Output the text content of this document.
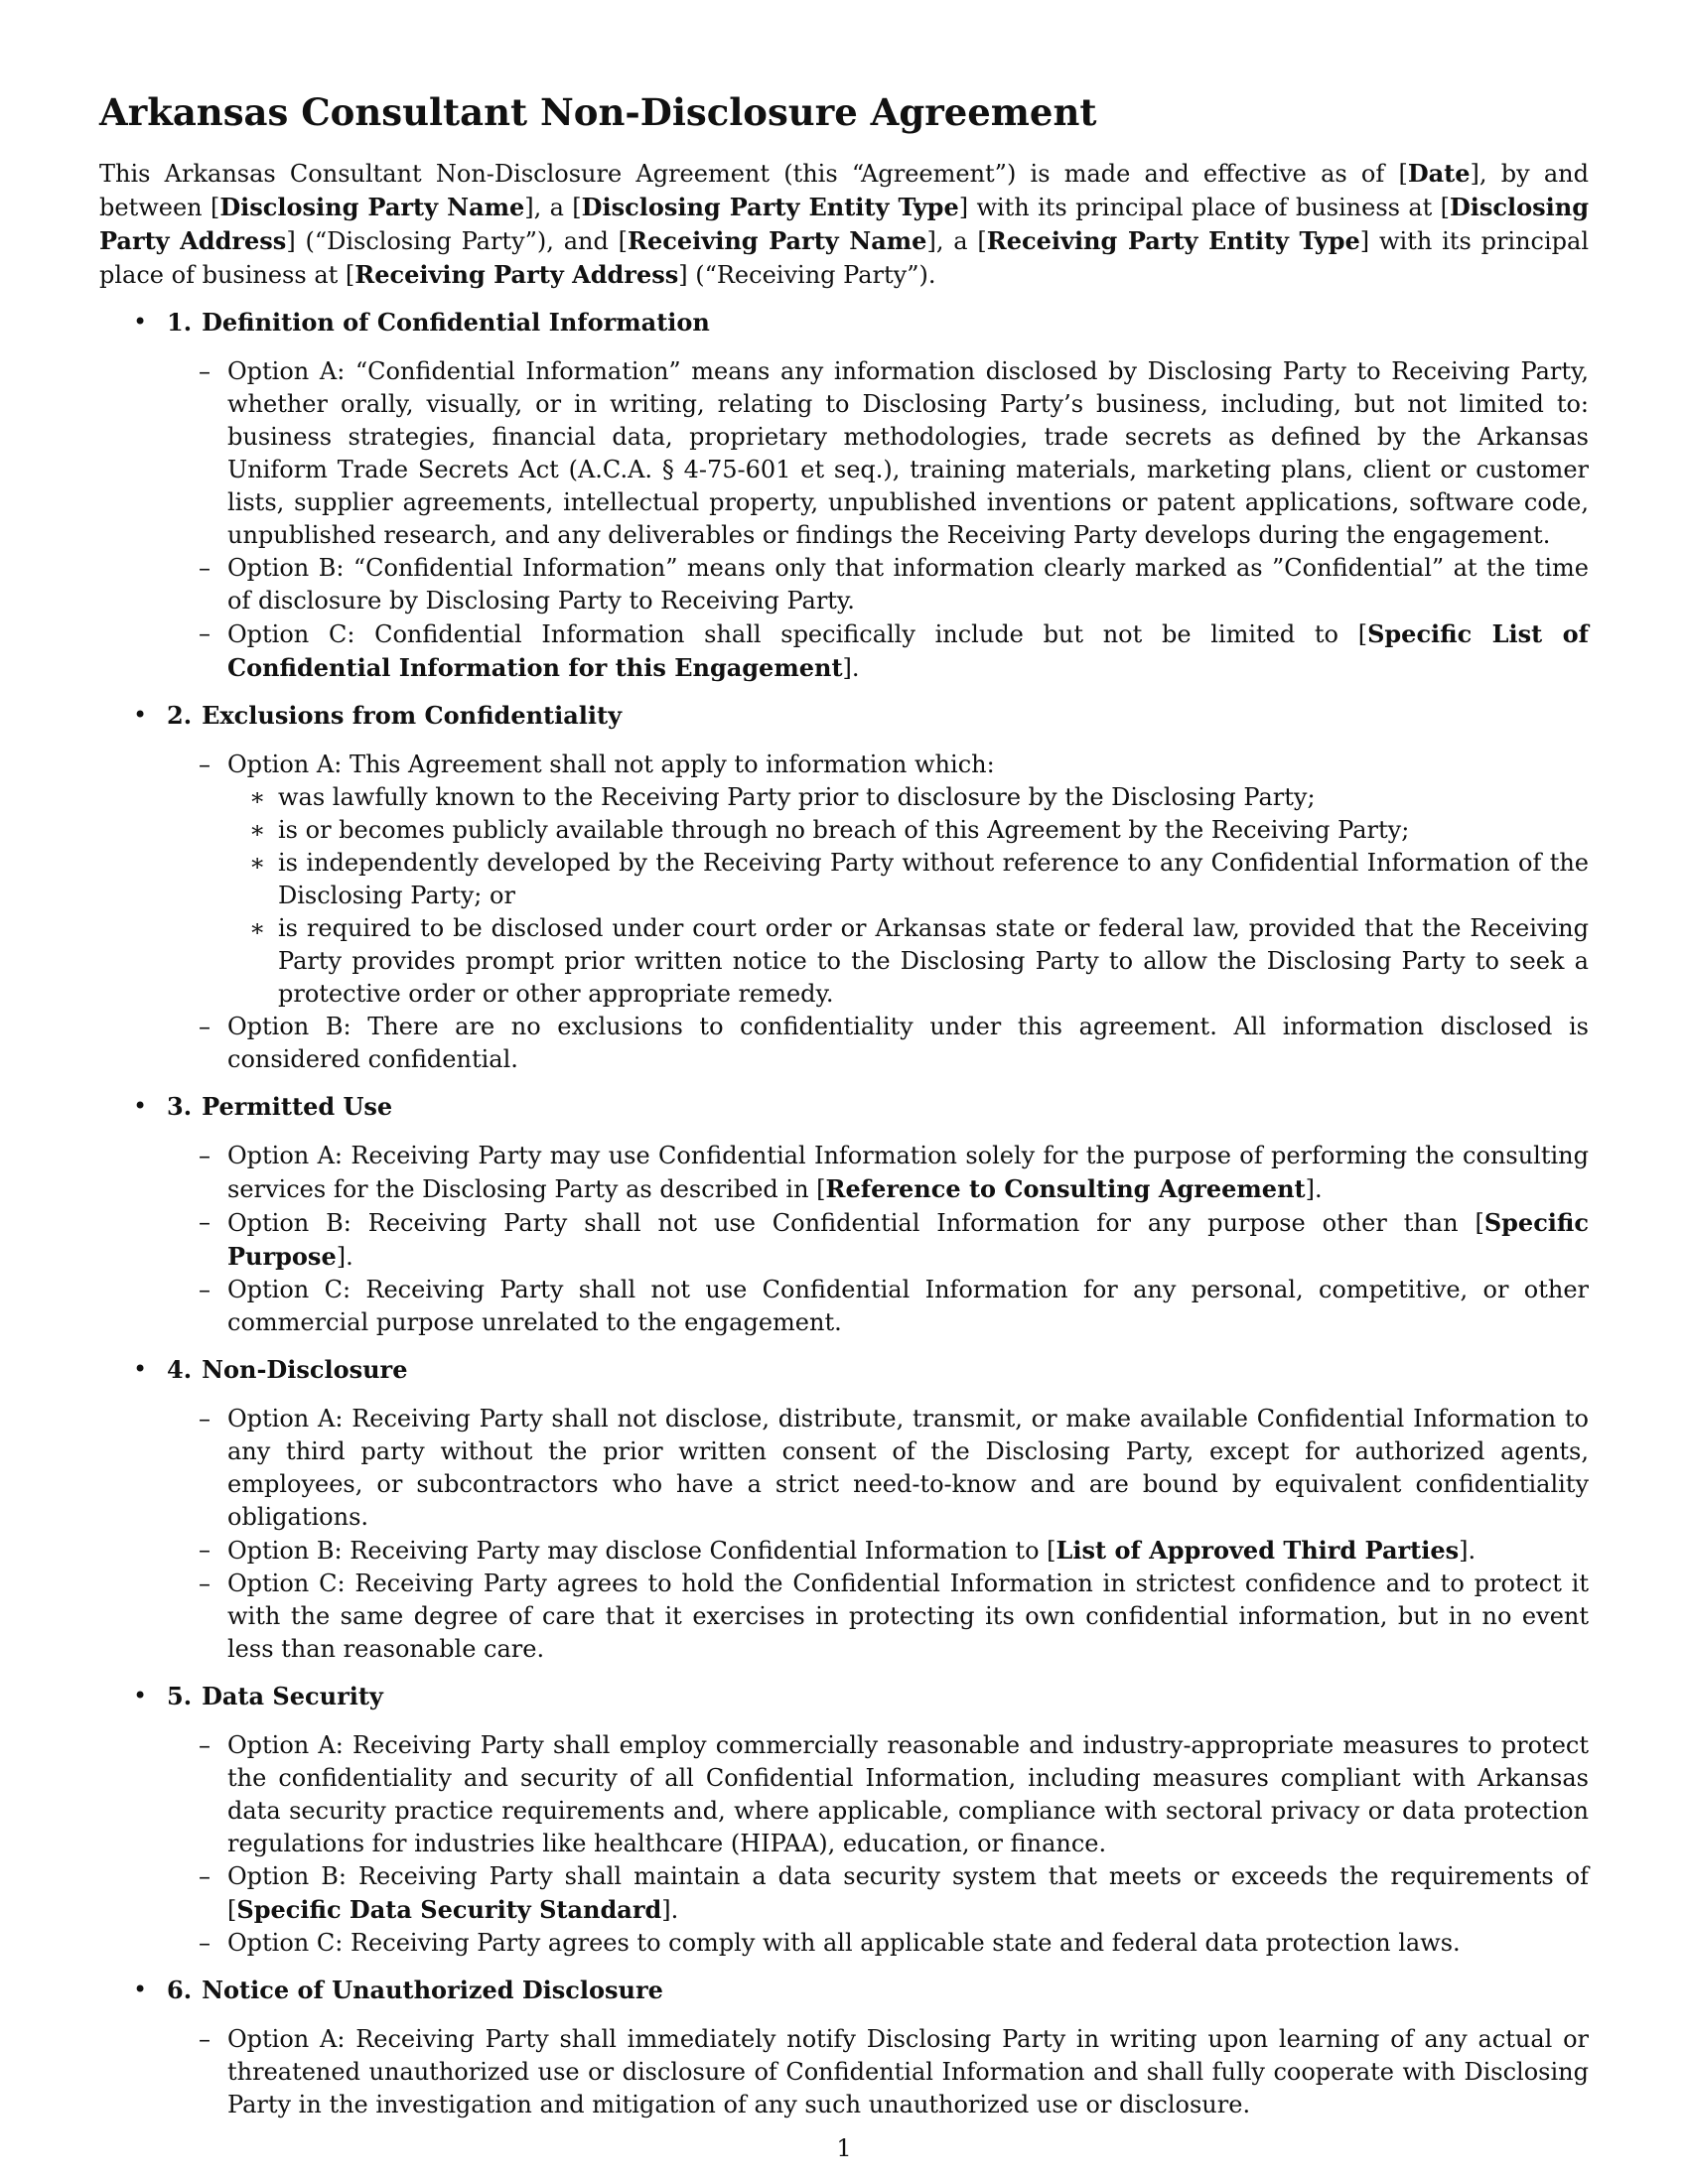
Arkansas Consultant Non-Disclosure Agreement

This Arkansas Consultant Non-Disclosure Agreement (this “Agreement”) is made and effective as of [Date], by and between [Disclosing Party Name], a [Disclosing Party Entity Type] with its principal place of business at [Disclosing Party Address] (“Disclosing Party”), and [Receiving Party Name], a [Receiving Party Entity Type] with its principal place of business at [Receiving Party Address] (“Receiving Party”).

• 1. Definition of Confidential Information
– Option A: “Confidential Information” means any information disclosed by Disclosing Party to Receiving Party, whether orally, visually, or in writing, relating to Disclosing Party’s business, including, but not limited to: business strategies, financial data, proprietary methodologies, trade secrets as defined by the Arkansas Uniform Trade Secrets Act (A.C.A. § 4-75-601 et seq.), training materials, marketing plans, client or customer lists, supplier agreements, intellectual property, unpublished inventions or patent applications, software code, unpublished research, and any deliverables or findings the Receiving Party develops during the engagement.
– Option B: “Confidential Information” means only that information clearly marked as ”Confidential” at the time of disclosure by Disclosing Party to Receiving Party.
– Option C: Confidential Information shall specifically include but not be limited to [Specific List of Confidential Information for this Engagement].
• 2. Exclusions from Confidentiality
– Option A: This Agreement shall not apply to information which:
∗ was lawfully known to the Receiving Party prior to disclosure by the Disclosing Party;
∗ is or becomes publicly available through no breach of this Agreement by the Receiving Party;
∗ is independently developed by the Receiving Party without reference to any Confidential Information of the Disclosing Party; or
∗ is required to be disclosed under court order or Arkansas state or federal law, provided that the Receiving Party provides prompt prior written notice to the Disclosing Party to allow the Disclosing Party to seek a protective order or other appropriate remedy.
– Option B: There are no exclusions to confidentiality under this agreement. All information disclosed is considered confidential.
• 3. Permitted Use
– Option A: Receiving Party may use Confidential Information solely for the purpose of performing the consulting services for the Disclosing Party as described in [Reference to Consulting Agreement].
– Option B: Receiving Party shall not use Confidential Information for any purpose other than [Specific Purpose].
– Option C: Receiving Party shall not use Confidential Information for any personal, competitive, or other commercial purpose unrelated to the engagement.
• 4. Non-Disclosure
– Option A: Receiving Party shall not disclose, distribute, transmit, or make available Confidential Information to any third party without the prior written consent of the Disclosing Party, except for authorized agents, employees, or subcontractors who have a strict need-to-know and are bound by equivalent confidentiality obligations.
– Option B: Receiving Party may disclose Confidential Information to [List of Approved Third Parties].
– Option C: Receiving Party agrees to hold the Confidential Information in strictest confidence and to protect it with the same degree of care that it exercises in protecting its own confidential information, but in no event less than reasonable care.
• 5. Data Security
– Option A: Receiving Party shall employ commercially reasonable and industry-appropriate measures to protect the confidentiality and security of all Confidential Information, including measures compliant with Arkansas data security practice requirements and, where applicable, compliance with sectoral privacy or data protection regulations for industries like healthcare (HIPAA), education, or finance.
– Option B: Receiving Party shall maintain a data security system that meets or exceeds the requirements of [Specific Data Security Standard].
– Option C: Receiving Party agrees to comply with all applicable state and federal data protection laws.
• 6. Notice of Unauthorized Disclosure
– Option A: Receiving Party shall immediately notify Disclosing Party in writing upon learning of any actual or threatened unauthorized use or disclosure of Confidential Information and shall fully cooperate with Disclosing Party in the investigation and mitigation of any such unauthorized use or disclosure.
1
